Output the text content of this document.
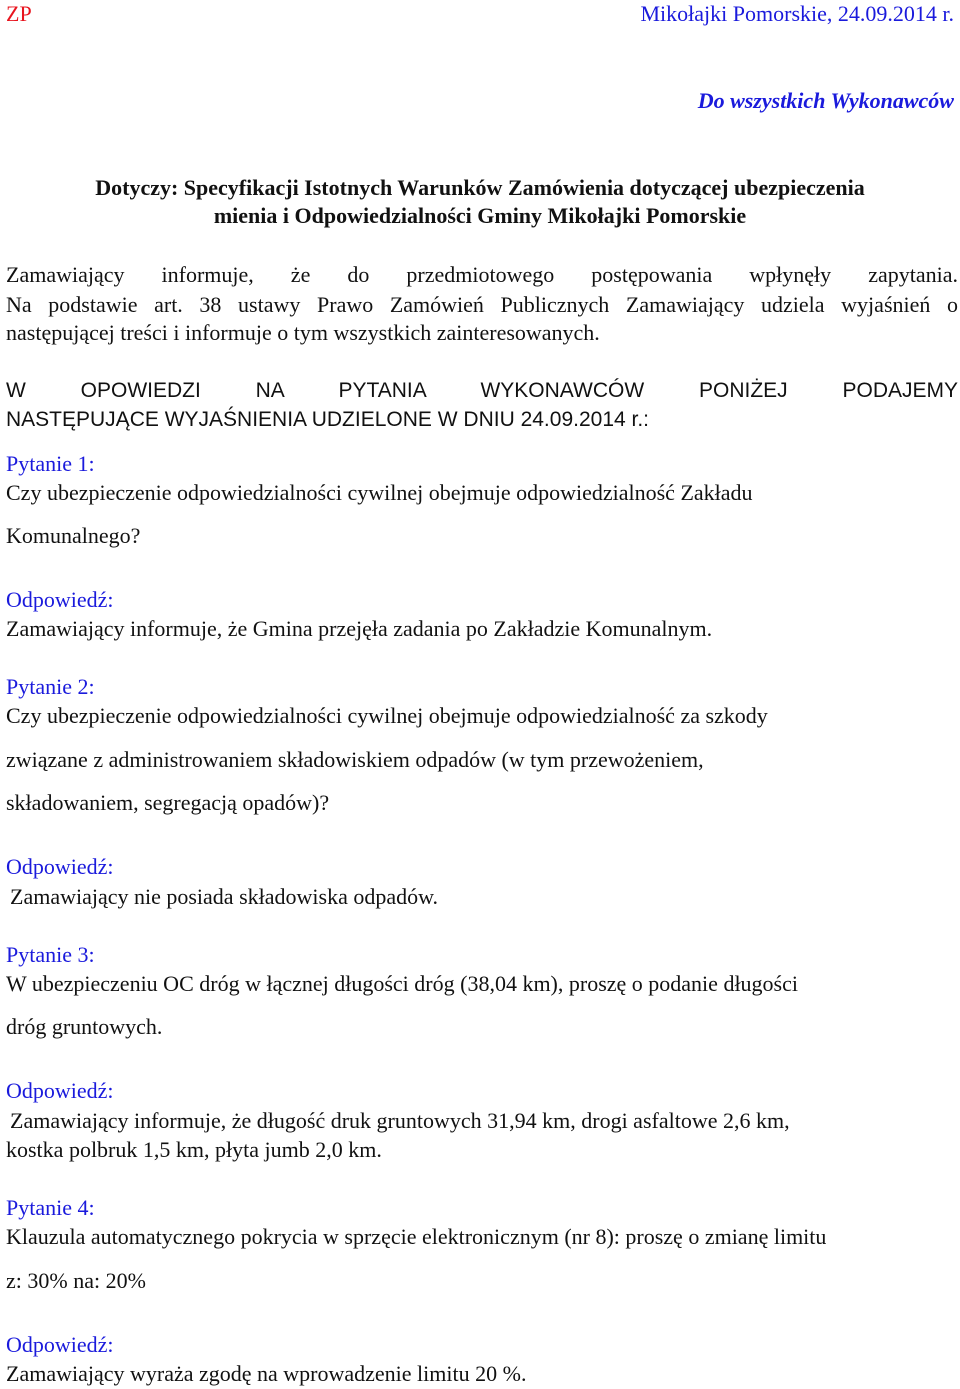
ZP	Mikołajki Pomorskie, 24.09.2014 r.
Do wszystkich Wykonawców
Dotyczy: Specyfikacji Istotnych Warunków Zamówienia dotyczącej ubezpieczenia
mienia i Odpowiedzialności Gminy Mikołajki Pomorskie
Zamawiający informuje, że do przedmiotowego postępowania wpłynęły zapytania.
Na podstawie art. 38 ustawy Prawo Zamówień Publicznych Zamawiający udziela wyjaśnień o
następującej treści i informuje o tym wszystkich zainteresowanych.
W OPOWIEDZI NA PYTANIA WYKONAWCÓW PONIŻEJ PODAJEMY
NASTĘPUJĄCE WYJAŚNIENIA UDZIELONE W DNIU 24.09.2014 r.:
Pytanie 1:
Czy ubezpieczenie odpowiedzialności cywilnej obejmuje odpowiedzialność Zakładu
Komunalnego?
Odpowiedź:
Zamawiający informuje, że Gmina przejęła zadania po Zakładzie Komunalnym.
Pytanie 2:
Czy ubezpieczenie odpowiedzialności cywilnej obejmuje odpowiedzialność za szkody
związane z administrowaniem składowiskiem odpadów (w tym przewożeniem,
składowaniem, segregacją opadów)?
Odpowiedź:
Zamawiający nie posiada składowiska odpadów.
Pytanie 3:
W ubezpieczeniu OC dróg w łącznej długości dróg (38,04 km), proszę o podanie długości
dróg gruntowych.
Odpowiedź:
Zamawiający informuje, że długość druk gruntowych 31,94 km, drogi asfaltowe 2,6 km,
kostka polbruk 1,5 km, płyta jumb 2,0 km.
Pytanie 4:
Klauzula automatycznego pokrycia w sprzęcie elektronicznym (nr 8): proszę o zmianę limitu
z: 30% na: 20%
Odpowiedź:
Zamawiający wyraża zgodę na wprowadzenie limitu 20 %.
